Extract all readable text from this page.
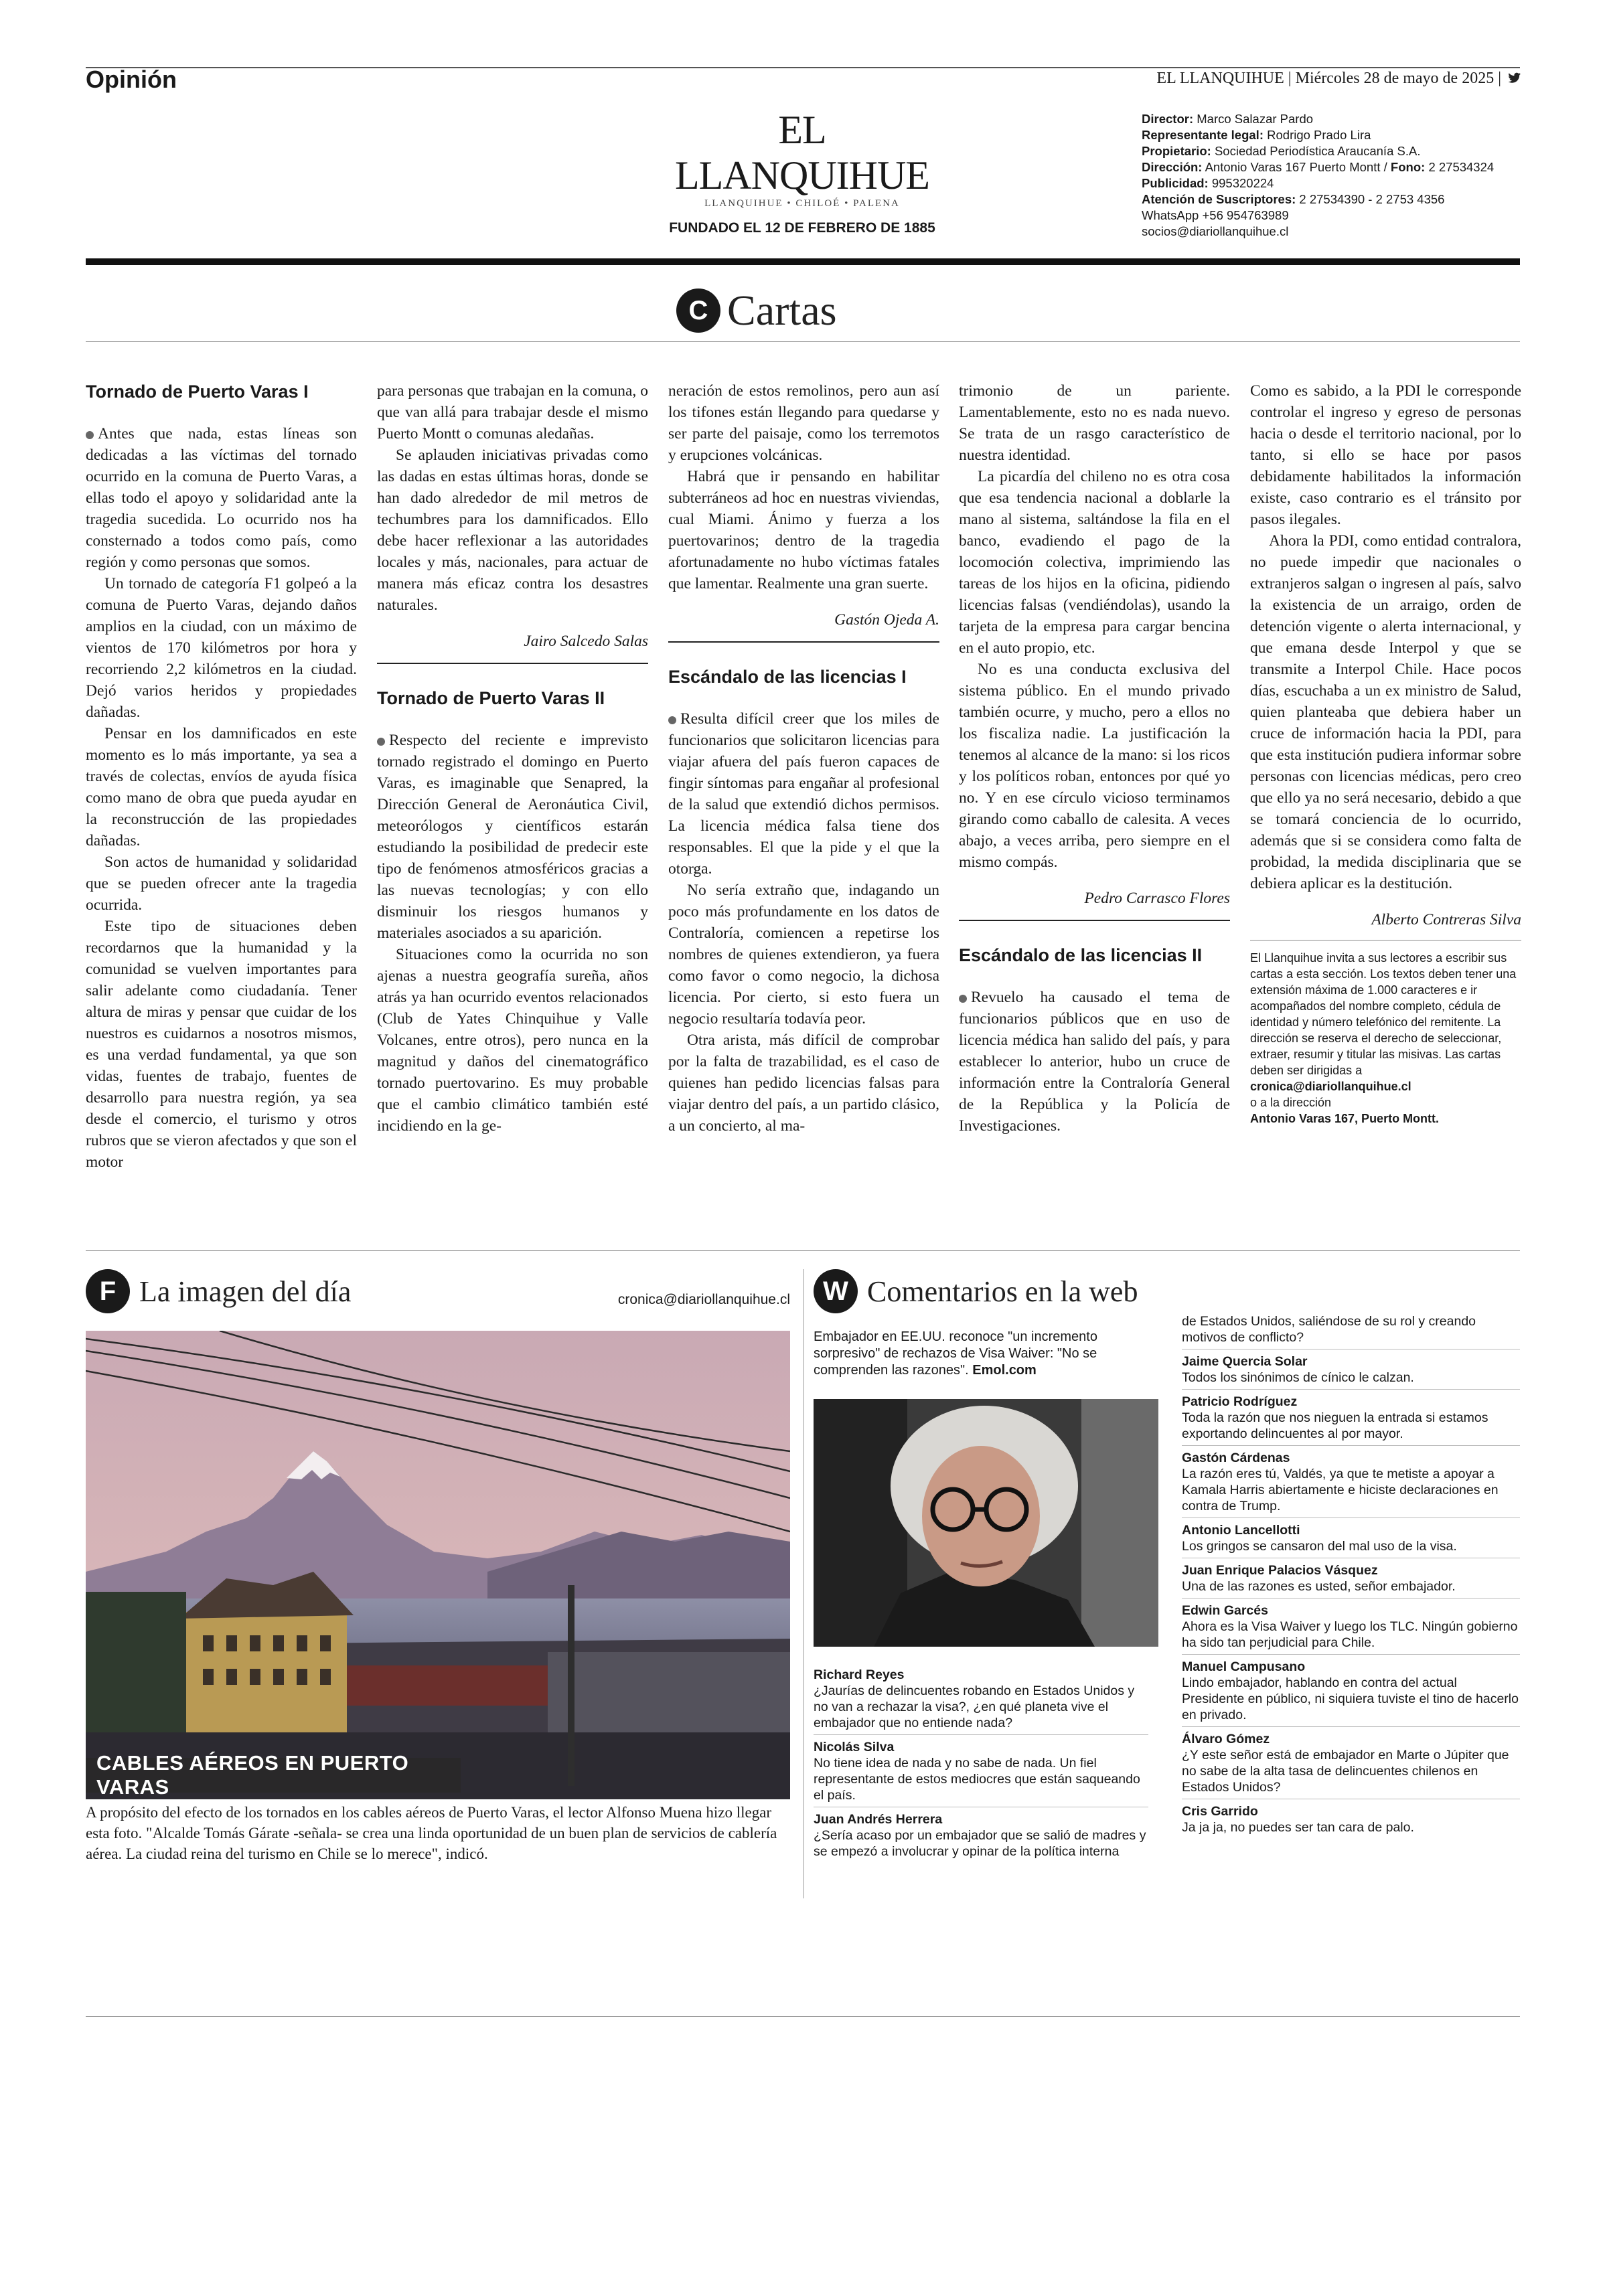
Opinión	EL LLANQUIHUE | Miércoles 28 de mayo de 2025 |
EL LLANQUIHUE
LLANQUIHUE • CHILOÉ • PALENA
FUNDADO EL 12 DE FEBRERO DE 1885
Director: Marco Salazar Pardo
Representante legal: Rodrigo Prado Lira
Propietario: Sociedad Periodística Araucanía S.A.
Dirección: Antonio Varas 167 Puerto Montt / Fono: 2 27534324
Publicidad: 995320224
Atención de Suscriptores: 2 27534390 - 2 2753 4356
WhatsApp +56 954763989
socios@diariollanquihue.cl
C Cartas
Tornado de Puerto Varas I

Antes que nada, estas líneas son dedicadas a las víctimas del tornado ocurrido en la comuna de Puerto Varas, a ellas todo el apoyo y solidaridad ante la tragedia sucedida. Lo ocurrido nos ha consternado a todos como país, como región y como personas que somos.

Un tornado de categoría F1 golpeó a la comuna de Puerto Varas, dejando daños amplios en la ciudad, con un máximo de vientos de 170 kilómetros por hora y recorriendo 2,2 kilómetros en la ciudad. Dejó varios heridos y propiedades dañadas.

Pensar en los damnificados en este momento es lo más importante, ya sea a través de colectas, envíos de ayuda física como mano de obra que pueda ayudar en la reconstrucción de las propiedades dañadas.

Son actos de humanidad y solidaridad que se pueden ofrecer ante la tragedia ocurrida.

Este tipo de situaciones deben recordarnos que la humanidad y la comunidad se vuelven importantes para salir adelante como ciudadanía. Tener altura de miras y pensar que cuidar de los nuestros es cuidarnos a nosotros mismos, es una verdad fundamental, ya que son vidas, fuentes de trabajo, fuentes de desarrollo para nuestra región, ya sea desde el comercio, el turismo y otros rubros que se vieron afectados y que son el motor

para personas que trabajan en la comuna, o que van allá para trabajar desde el mismo Puerto Montt o comunas aledañas.

Se aplauden iniciativas privadas como las dadas en estas últimas horas, donde se han dado alrededor de mil metros de techumbres para los damnificados. Ello debe hacer reflexionar a las autoridades locales y más, nacionales, para actuar de manera más eficaz contra los desastres naturales.

Jairo Salcedo Salas

Tornado de Puerto Varas II

Respecto del reciente e imprevisto tornado registrado el domingo en Puerto Varas, es imaginable que Senapred, la Dirección General de Aeronáutica Civil, meteorólogos y científicos estarán estudiando la posibilidad de predecir este tipo de fenómenos atmosféricos gracias a las nuevas tecnologías; y con ello disminuir los riesgos humanos y materiales asociados a su aparición.

Situaciones como la ocurrida no son ajenas a nuestra geografía sureña, años atrás ya han ocurrido eventos relacionados (Club de Yates Chinquihue y Valle Volcanes, entre otros), pero nunca en la magnitud y daños del cinematográfico tornado puertovarino. Es muy probable que el cambio climático también esté incidiendo en la ge-

neración de estos remolinos, pero aun así los tifones están llegando para quedarse y ser parte del paisaje, como los terremotos y erupciones volcánicas.

Habrá que ir pensando en habilitar subterráneos ad hoc en nuestras viviendas, cual Miami. Ánimo y fuerza a los puertovarinos; dentro de la tragedia afortunadamente no hubo víctimas fatales que lamentar. Realmente una gran suerte.

Gastón Ojeda A.

Escándalo de las licencias I

Resulta difícil creer que los miles de funcionarios que solicitaron licencias para viajar afuera del país fueron capaces de fingir síntomas para engañar al profesional de la salud que extendió dichos permisos. La licencia médica falsa tiene dos responsables. El que la pide y el que la otorga.

No sería extraño que, indagando un poco más profundamente en los datos de Contraloría, comiencen a repetirse los nombres de quienes extendieron, ya fuera como favor o como negocio, la dichosa licencia. Por cierto, si esto fuera un negocio resultaría todavía peor.

Otra arista, más difícil de comprobar por la falta de trazabilidad, es el caso de quienes han pedido licencias falsas para viajar dentro del país, a un partido clásico, a un concierto, al ma-

trimonio de un pariente. Lamentablemente, esto no es nada nuevo. Se trata de un rasgo característico de nuestra identidad.

La picardía del chileno no es otra cosa que esa tendencia nacional a doblarle la mano al sistema, saltándose la fila en el banco, evadiendo el pago de la locomoción colectiva, imprimiendo las tareas de los hijos en la oficina, pidiendo licencias falsas (vendiéndolas), usando la tarjeta de la empresa para cargar bencina en el auto propio, etc.

No es una conducta exclusiva del sistema público. En el mundo privado también ocurre, y mucho, pero a ellos no los fiscaliza nadie. La justificación la tenemos al alcance de la mano: si los ricos y los políticos roban, entonces por qué yo no. Y en ese círculo vicioso terminamos girando como caballo de calesita. A veces abajo, a veces arriba, pero siempre en el mismo compás.

Pedro Carrasco Flores

Escándalo de las licencias II

Revuelo ha causado el tema de funcionarios públicos que en uso de licencia médica han salido del país, y para establecer lo anterior, hubo un cruce de información entre la Contraloría General de la República y la Policía de Investigaciones.

Como es sabido, a la PDI le corresponde controlar el ingreso y egreso de personas hacia o desde el territorio nacional, por lo tanto, si ello se hace por pasos debidamente habilitados la información existe, caso contrario es el tránsito por pasos ilegales.

Ahora la PDI, como entidad contralora, no puede impedir que nacionales o extranjeros salgan o ingresen al país, salvo la existencia de un arraigo, orden de detención vigente o alerta internacional, y que emana desde Interpol y que se transmite a Interpol Chile. Hace pocos días, escuchaba a un ex ministro de Salud, quien planteaba que debiera haber un cruce de información hacia la PDI, para que esta institución pudiera informar sobre personas con licencias médicas, pero creo que ello ya no será necesario, debido a que se tomará conciencia de lo ocurrido, además que si se considera como falta de probidad, la medida disciplinaria que se debiera aplicar es la destitución.

Alberto Contreras Silva

El Llanquihue invita a sus lectores a escribir sus cartas a esta sección. Los textos deben tener una extensión máxima de 1.000 caracteres e ir acompañados del nombre completo, cédula de identidad y número telefónico del remitente. La dirección se reserva el derecho de seleccionar, extraer, resumir y titular las misivas. Las cartas deben ser dirigidas a
cronica@diariollanquihue.cl
o a la dirección
Antonio Varas 167, Puerto Montt.
F La imagen del día	cronica@diariollanquihue.cl
CABLES AÉREOS EN PUERTO VARAS
A propósito del efecto de los tornados en los cables aéreos de Puerto Varas, el lector Alfonso Muena hizo llegar esta foto. "Alcalde Tomás Gárate -señala- se crea una linda oportunidad de un buen plan de servicios de cablería aérea. La ciudad reina del turismo en Chile se lo merece", indicó.
W Comentarios en la web
Embajador en EE.UU. reconoce "un incremento sorpresivo" de rechazos de Visa Waiver: "No se comprenden las razones". Emol.com
Richard Reyes
¿Jaurías de delincuentes robando en Estados Unidos y no van a rechazar la visa?, ¿en qué planeta vive el embajador que no entiende nada?
Nicolás Silva
No tiene idea de nada y no sabe de nada. Un fiel representante de estos mediocres que están saqueando el país.
Juan Andrés Herrera
¿Sería acaso por un embajador que se salió de madres y se empezó a involucrar y opinar de la política interna
de Estados Unidos, saliéndose de su rol y creando motivos de conflicto?
Jaime Quercia Solar
Todos los sinónimos de cínico le calzan.
Patricio Rodríguez
Toda la razón que nos nieguen la entrada si estamos exportando delincuentes al por mayor.
Gastón Cárdenas
La razón eres tú, Valdés, ya que te metiste a apoyar a Kamala Harris abiertamente e hiciste declaraciones en contra de Trump.
Antonio Lancellotti
Los gringos se cansaron del mal uso de la visa.
Juan Enrique Palacios Vásquez
Una de las razones es usted, señor embajador.
Edwin Garcés
Ahora es la Visa Waiver y luego los TLC. Ningún gobierno ha sido tan perjudicial para Chile.
Manuel Campusano
Lindo embajador, hablando en contra del actual Presidente en público, ni siquiera tuviste el tino de hacerlo en privado.
Álvaro Gómez
¿Y este señor está de embajador en Marte o Júpiter que no sabe de la alta tasa de delincuentes chilenos en Estados Unidos?
Cris Garrido
Ja ja ja, no puedes ser tan cara de palo.
